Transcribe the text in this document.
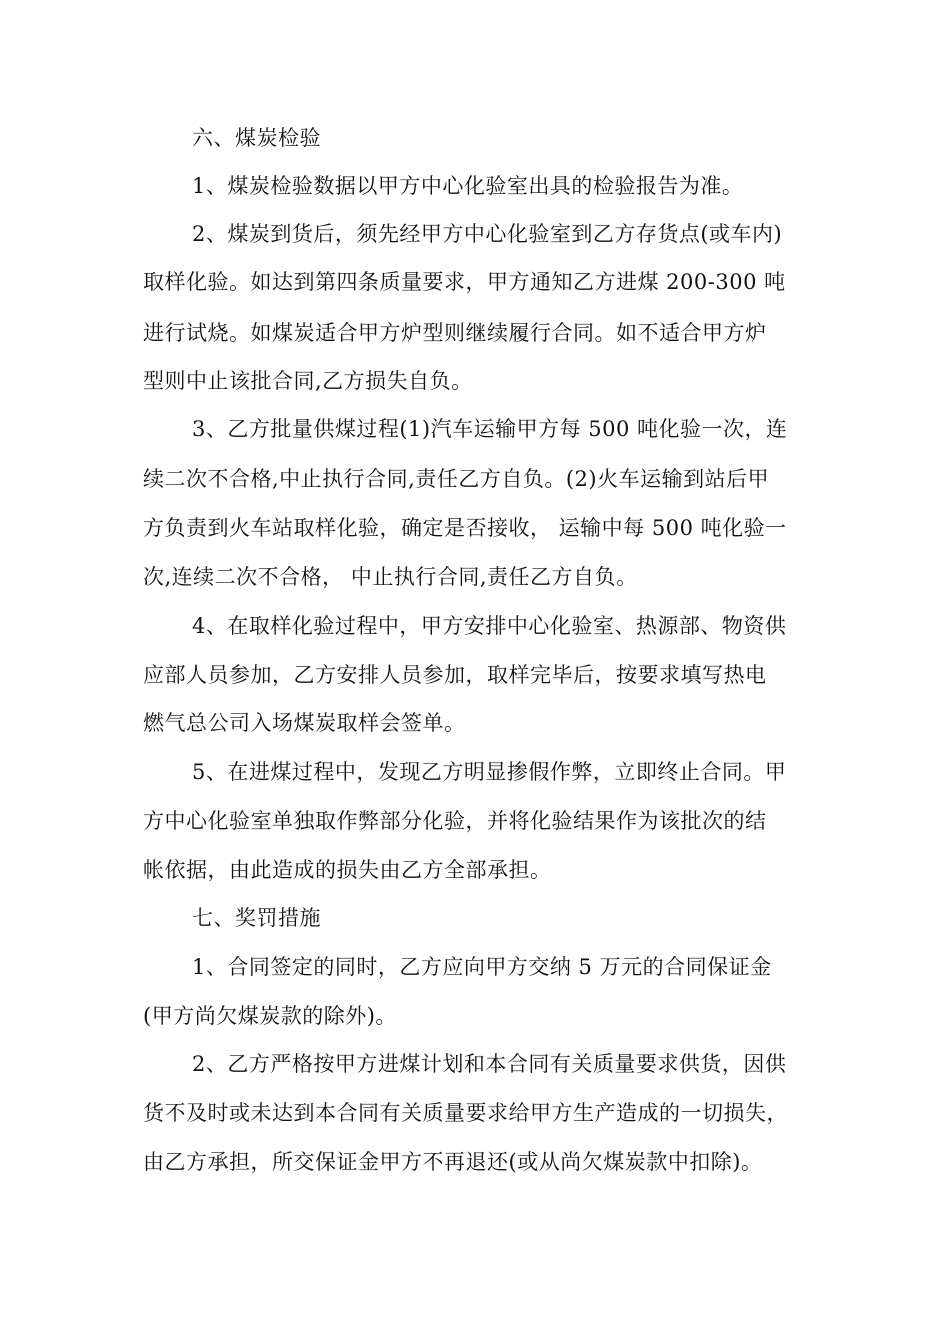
六、煤炭检验
1、煤炭检验数据以甲方中心化验室出具的检验报告为准。
2、煤炭到货后，须先经甲方中心化验室到乙方存货点(或车内)
取样化验。如达到第四条质量要求，甲方通知乙方进煤 200-300 吨
进行试烧。如煤炭适合甲方炉型则继续履行合同。如不适合甲方炉
型则中止该批合同,乙方损失自负。
3、乙方批量供煤过程(1)汽车运输甲方每 500 吨化验一次，连
续二次不合格,中止执行合同,责任乙方自负。(2)火车运输到站后甲
方负责到火车站取样化验，确定是否接收， 运输中每 500 吨化验一
次,连续二次不合格， 中止执行合同,责任乙方自负。
4、在取样化验过程中，甲方安排中心化验室、热源部、物资供
应部人员参加，乙方安排人员参加，取样完毕后，按要求填写热电
燃气总公司入场煤炭取样会签单。
5、在进煤过程中，发现乙方明显掺假作弊，立即终止合同。甲
方中心化验室单独取作弊部分化验，并将化验结果作为该批次的结
帐依据，由此造成的损失由乙方全部承担。
七、奖罚措施
1、合同签定的同时，乙方应向甲方交纳 5 万元的合同保证金
(甲方尚欠煤炭款的除外)。
2、乙方严格按甲方进煤计划和本合同有关质量要求供货，因供
货不及时或未达到本合同有关质量要求给甲方生产造成的一切损失，
由乙方承担，所交保证金甲方不再退还(或从尚欠煤炭款中扣除)。
